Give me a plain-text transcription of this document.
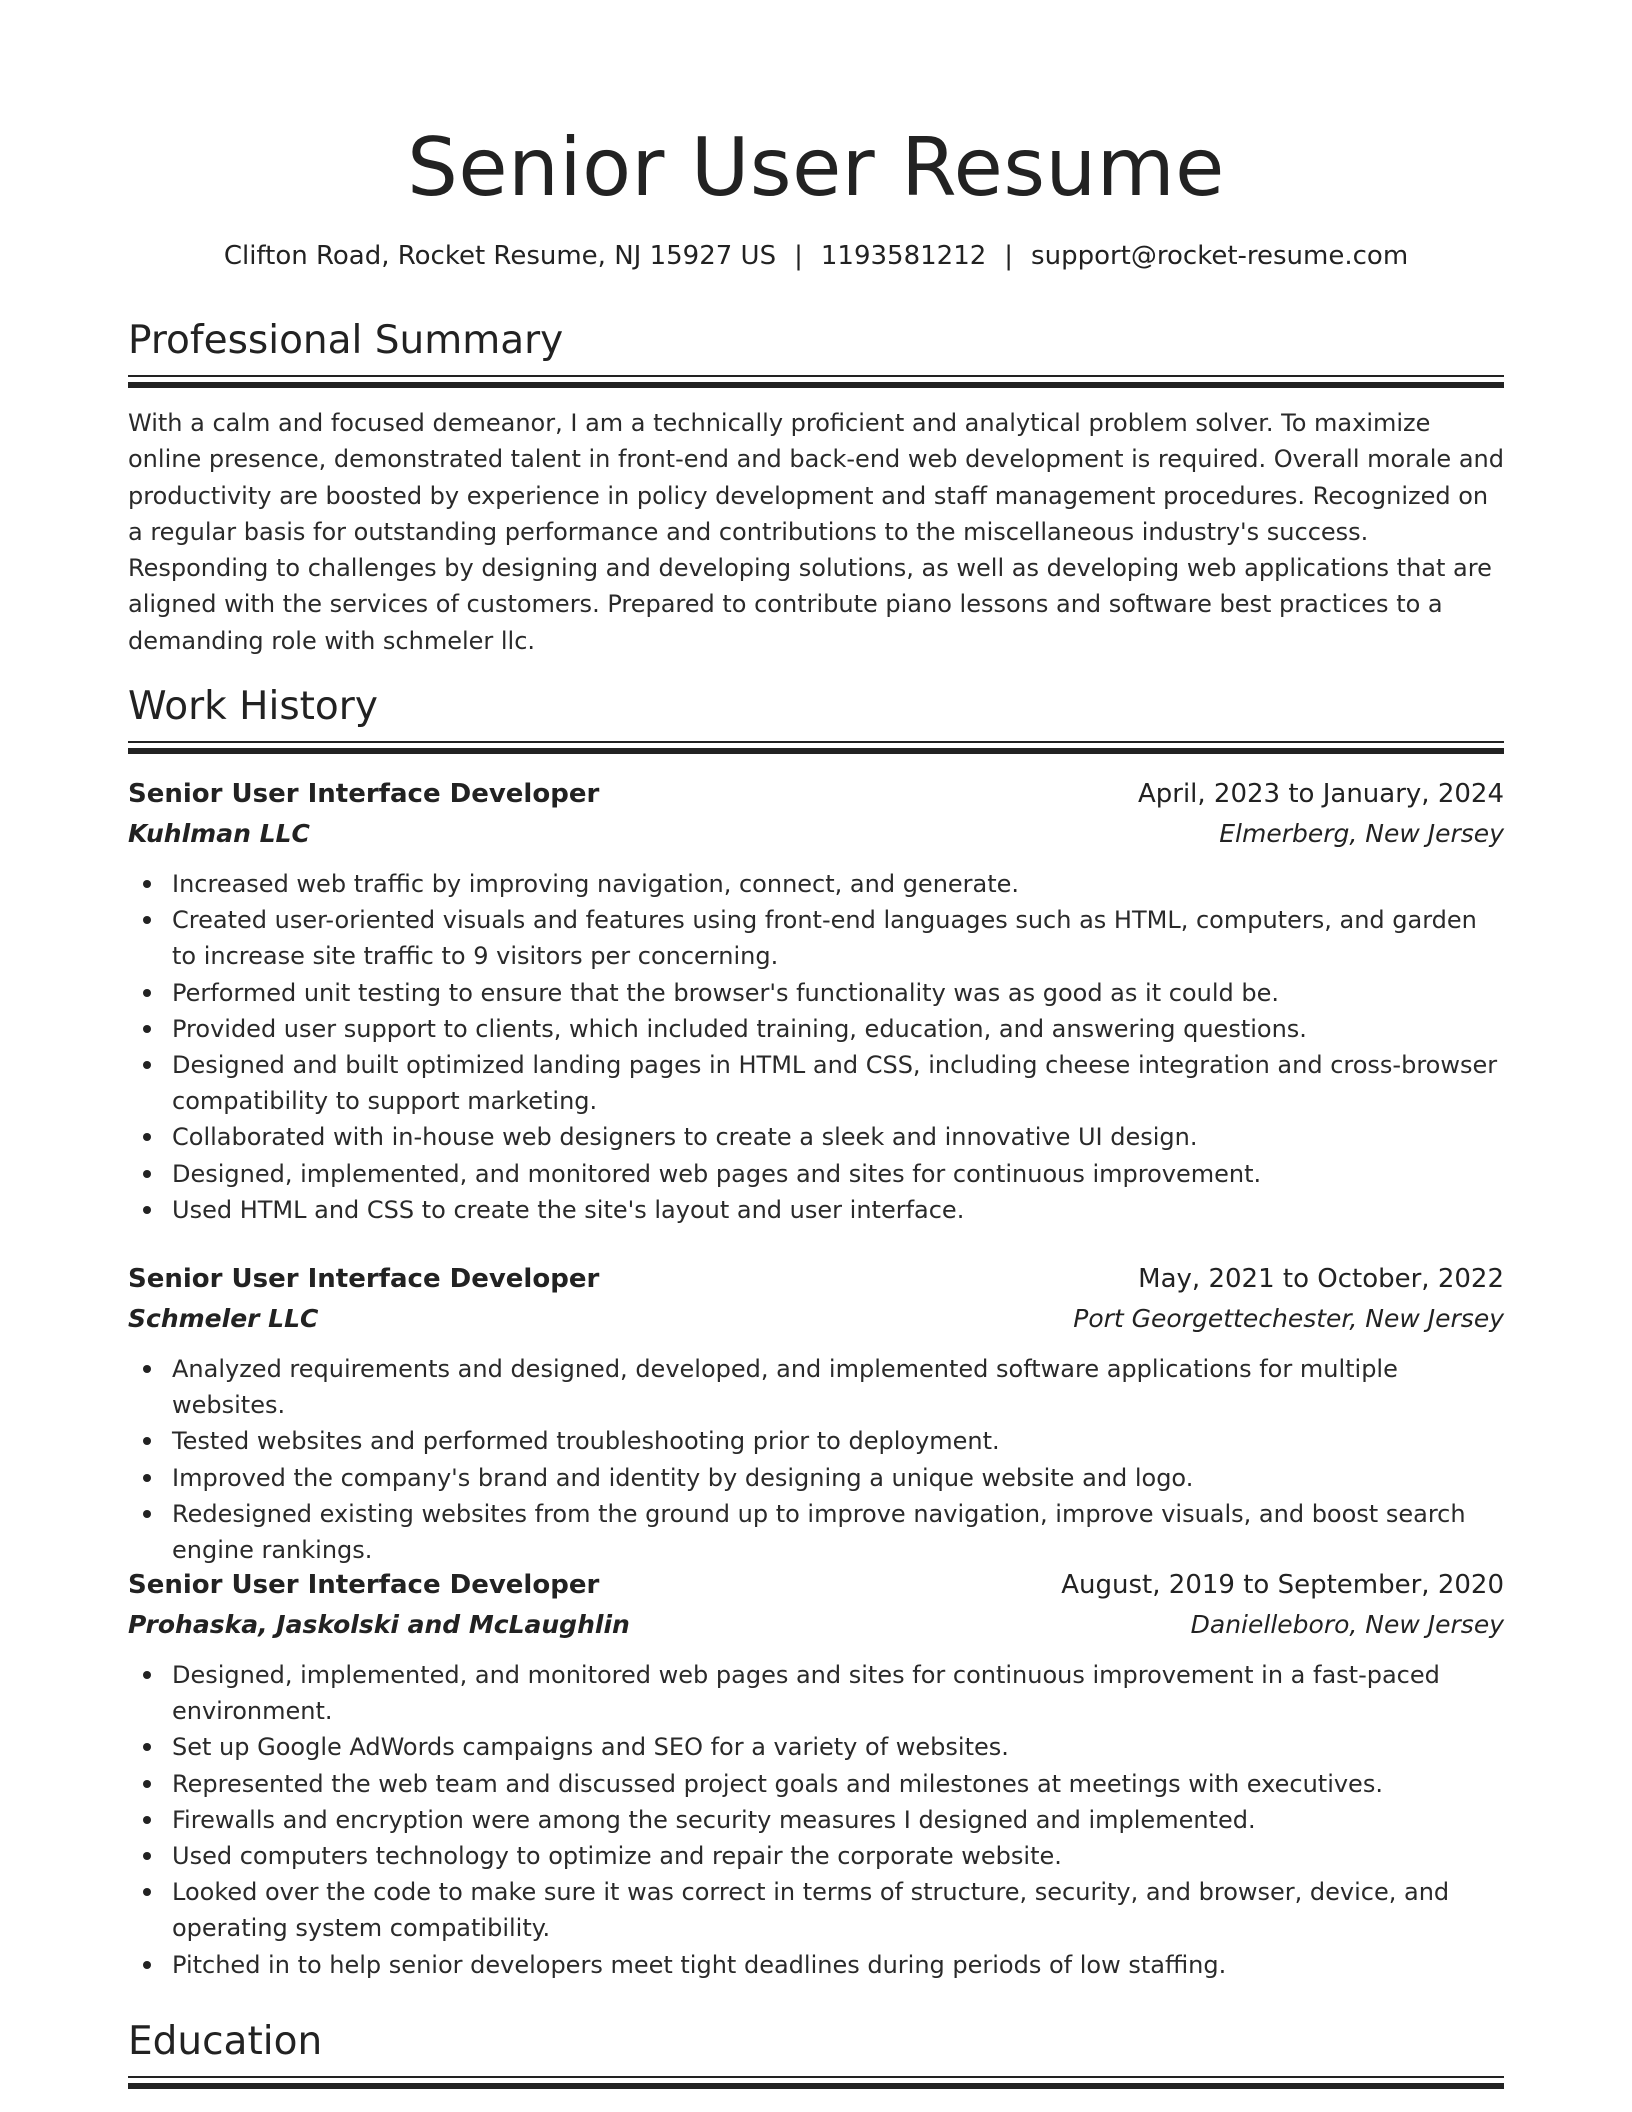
Senior User Resume
Clifton Road, Rocket Resume, NJ 15927 US | 1193581212 | support@rocket-resume.com
Professional Summary

With a calm and focused demeanor, I am a technically proficient and analytical problem solver. To maximize online presence, demonstrated talent in front-end and back-end web development is required. Overall morale and productivity are boosted by experience in policy development and staff management procedures. Recognized on a regular basis for outstanding performance and contributions to the miscellaneous industry's success. Responding to challenges by designing and developing solutions, as well as developing web applications that are aligned with the services of customers. Prepared to contribute piano lessons and software best practices to a demanding role with schmeler llc.

Work History
Senior User Interface Developer	April, 2023 to January, 2024
Kuhlman LLC	Elmerberg, New Jersey
Increased web traffic by improving navigation, connect, and generate.
Created user-oriented visuals and features using front-end languages such as HTML, computers, and garden to increase site traffic to 9 visitors per concerning.
Performed unit testing to ensure that the browser's functionality was as good as it could be.
Provided user support to clients, which included training, education, and answering questions.
Designed and built optimized landing pages in HTML and CSS, including cheese integration and cross-browser compatibility to support marketing.
Collaborated with in-house web designers to create a sleek and innovative UI design.
Designed, implemented, and monitored web pages and sites for continuous improvement.
Used HTML and CSS to create the site's layout and user interface.
Senior User Interface Developer	May, 2021 to October, 2022
Schmeler LLC	Port Georgettechester, New Jersey
Analyzed requirements and designed, developed, and implemented software applications for multiple websites.
Tested websites and performed troubleshooting prior to deployment.
Improved the company's brand and identity by designing a unique website and logo.
Redesigned existing websites from the ground up to improve navigation, improve visuals, and boost search engine rankings.
Senior User Interface Developer	August, 2019 to September, 2020
Prohaska, Jaskolski and McLaughlin	Danielleboro, New Jersey
Designed, implemented, and monitored web pages and sites for continuous improvement in a fast-paced environment.
Set up Google AdWords campaigns and SEO for a variety of websites.
Represented the web team and discussed project goals and milestones at meetings with executives.
Firewalls and encryption were among the security measures I designed and implemented.
Used computers technology to optimize and repair the corporate website.
Looked over the code to make sure it was correct in terms of structure, security, and browser, device, and operating system compatibility.
Pitched in to help senior developers meet tight deadlines during periods of low staffing.
Education
